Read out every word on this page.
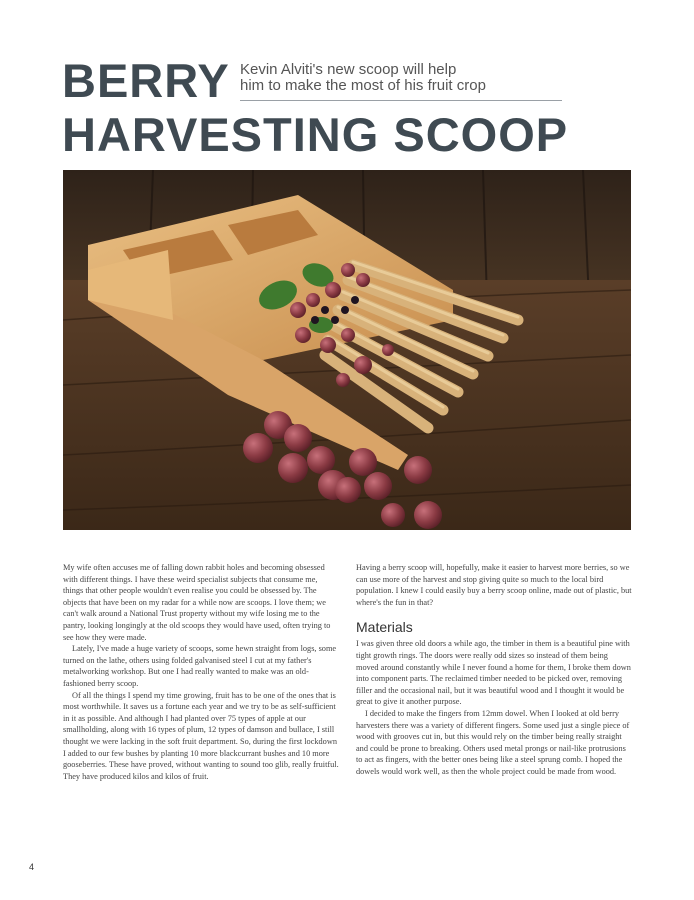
BERRY
HARVESTING SCOOP
Kevin Alviti's new scoop will help
him to make the most of his fruit crop

My wife often accuses me of falling down rabbit holes and becoming obsessed with different things. I have these weird specialist subjects that consume me, things that other people wouldn't even realise you could be obsessed by. The objects that have been on my radar for a while now are scoops. I love them; we can't walk around a National Trust property without my wife losing me to the pantry, looking longingly at the old scoops they would have used, often trying to see how they were made.

Lately, I've made a huge variety of scoops, some hewn straight from logs, some turned on the lathe, others using folded galvanised steel I cut at my father's metalworking workshop. But one I had really wanted to make was an old-fashioned berry scoop.

Of all the things I spend my time growing, fruit has to be one of the ones that is most worthwhile. It saves us a fortune each year and we try to be as self-sufficient in it as possible. And although I had planted over 75 types of apple at our smallholding, along with 16 types of plum, 12 types of damson and bullace, I still thought we were lacking in the soft fruit department. So, during the first lockdown I added to our few bushes by planting 10 more blackcurrant bushes and 10 more gooseberries. These have proved, without wanting to sound too glib, really fruitful. They have produced kilos and kilos of fruit.

Having a berry scoop will, hopefully, make it easier to harvest more berries, so we can use more of the harvest and stop giving quite so much to the local bird population. I knew I could easily buy a berry scoop online, made out of plastic, but where's the fun in that?

Materials

I was given three old doors a while ago, the timber in them is a beautiful pine with tight growth rings. The doors were really odd sizes so instead of them being moved around constantly while I never found a home for them, I broke them down into component parts. The reclaimed timber needed to be picked over, removing filler and the occasional nail, but it was beautiful wood and I thought it would be great to give it another purpose.

I decided to make the fingers from 12mm dowel. When I looked at old berry harvesters there was a variety of different fingers. Some used just a single piece of wood with grooves cut in, but this would rely on the timber being really straight and could be prone to breaking. Others used metal prongs or nail-like protrusions to act as fingers, with the better ones being like a steel sprung comb. I hoped the dowels would work well, as then the whole project could be made from wood.

4
